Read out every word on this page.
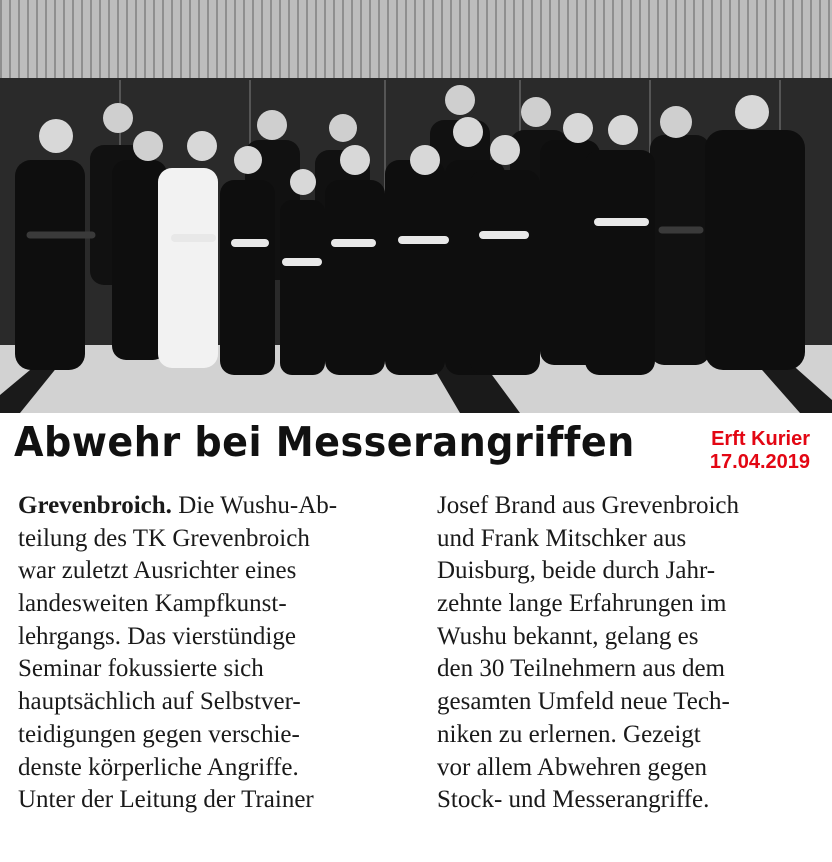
Abwehr bei Messerangriffen	Erft Kurier
17.04.2019
Grevenbroich. Die Wushu-Ab-
teilung des TK Grevenbroich
war zuletzt Ausrichter eines
landesweiten Kampfkunst-
lehrgangs. Das vierstündige
Seminar fokussierte sich
hauptsächlich auf Selbstver-
teidigungen gegen verschie-
denste körperliche Angriffe.
Unter der Leitung der Trainer
Josef Brand aus Grevenbroich
und Frank Mitschker aus
Duisburg, beide durch Jahr-
zehnte lange Erfahrungen im
Wushu bekannt, gelang es
den 30 Teilnehmern aus dem
gesamten Umfeld neue Tech-
niken zu erlernen. Gezeigt
vor allem Abwehren gegen
Stock- und Messerangriffe.
